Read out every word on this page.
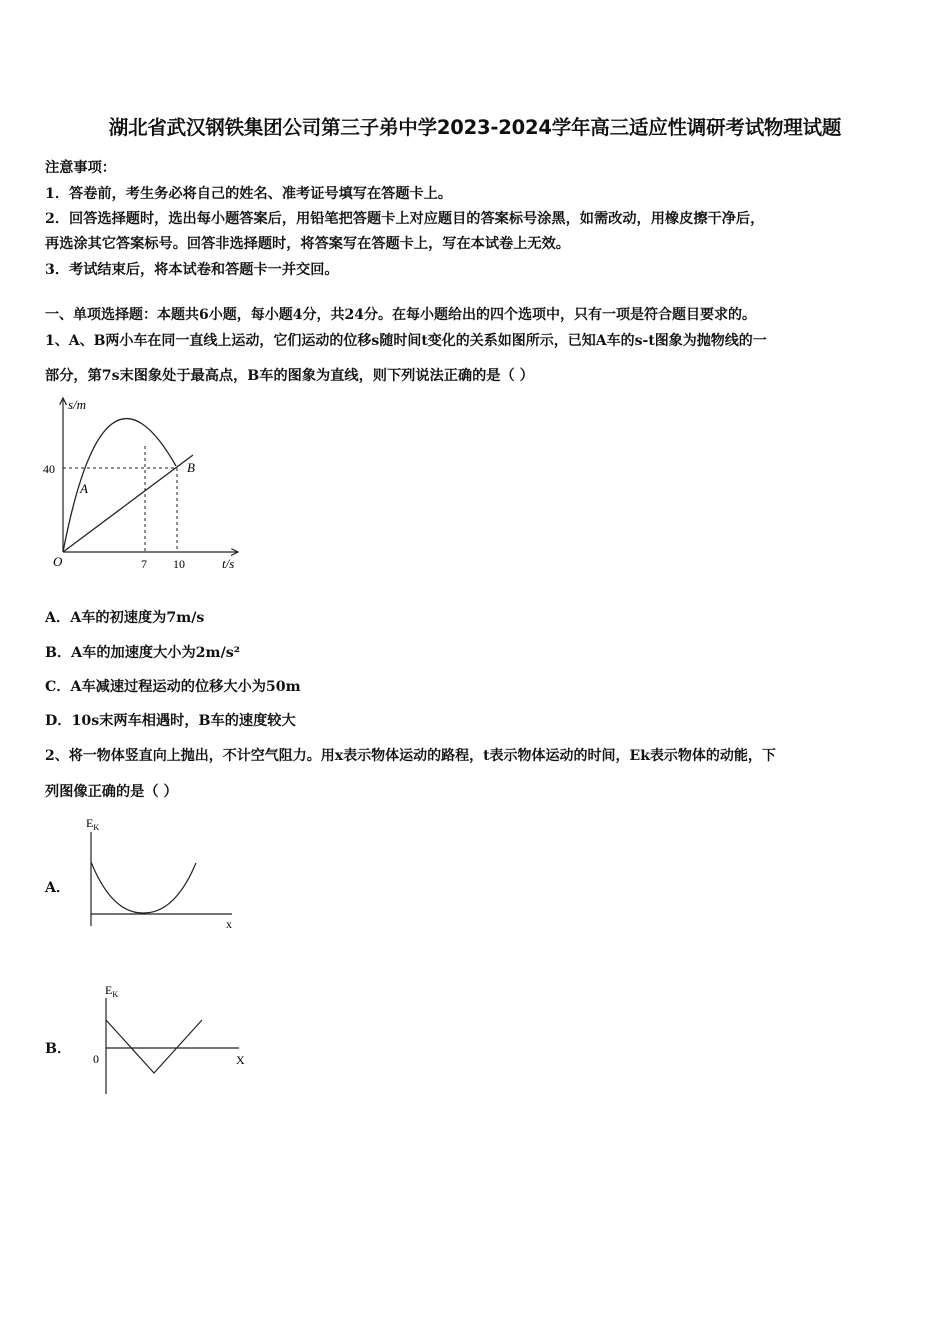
湖北省武汉钢铁集团公司第三子弟中学2023-2024学年高三适应性调研考试物理试题
注意事项：
1．答卷前，考生务必将自己的姓名、准考证号填写在答题卡上。
2．回答选择题时，选出每小题答案后，用铅笔把答题卡上对应题目的答案标号涂黑，如需改动，用橡皮擦干净后，
再选涂其它答案标号。回答非选择题时，将答案写在答题卡上，写在本试卷上无效。
3．考试结束后，将本试卷和答题卡一并交回。
一、单项选择题：本题共6小题，每小题4分，共24分。在每小题给出的四个选项中，只有一项是符合题目要求的。
1、A、B两小车在同一直线上运动，它们运动的位移s随时间t变化的关系如图所示，已知A车的s-t图象为抛物线的一
部分，第7s末图象处于最高点，B车的图象为直线，则下列说法正确的是（ ）
s/m
t/s
O
40
7 10
A
B
A．A车的初速度为7m/s
B．A车的加速度大小为2m/s²
C．A车减速过程运动的位移大小为50m
D．10s末两车相遇时，B车的速度较大
2、将一物体竖直向上抛出，不计空气阻力。用x表示物体运动的路程，t表示物体运动的时间，Ek表示物体的动能，下
列图像正确的是（ ）
A．
$E_K$
x
B．
$E_K$
X
0
